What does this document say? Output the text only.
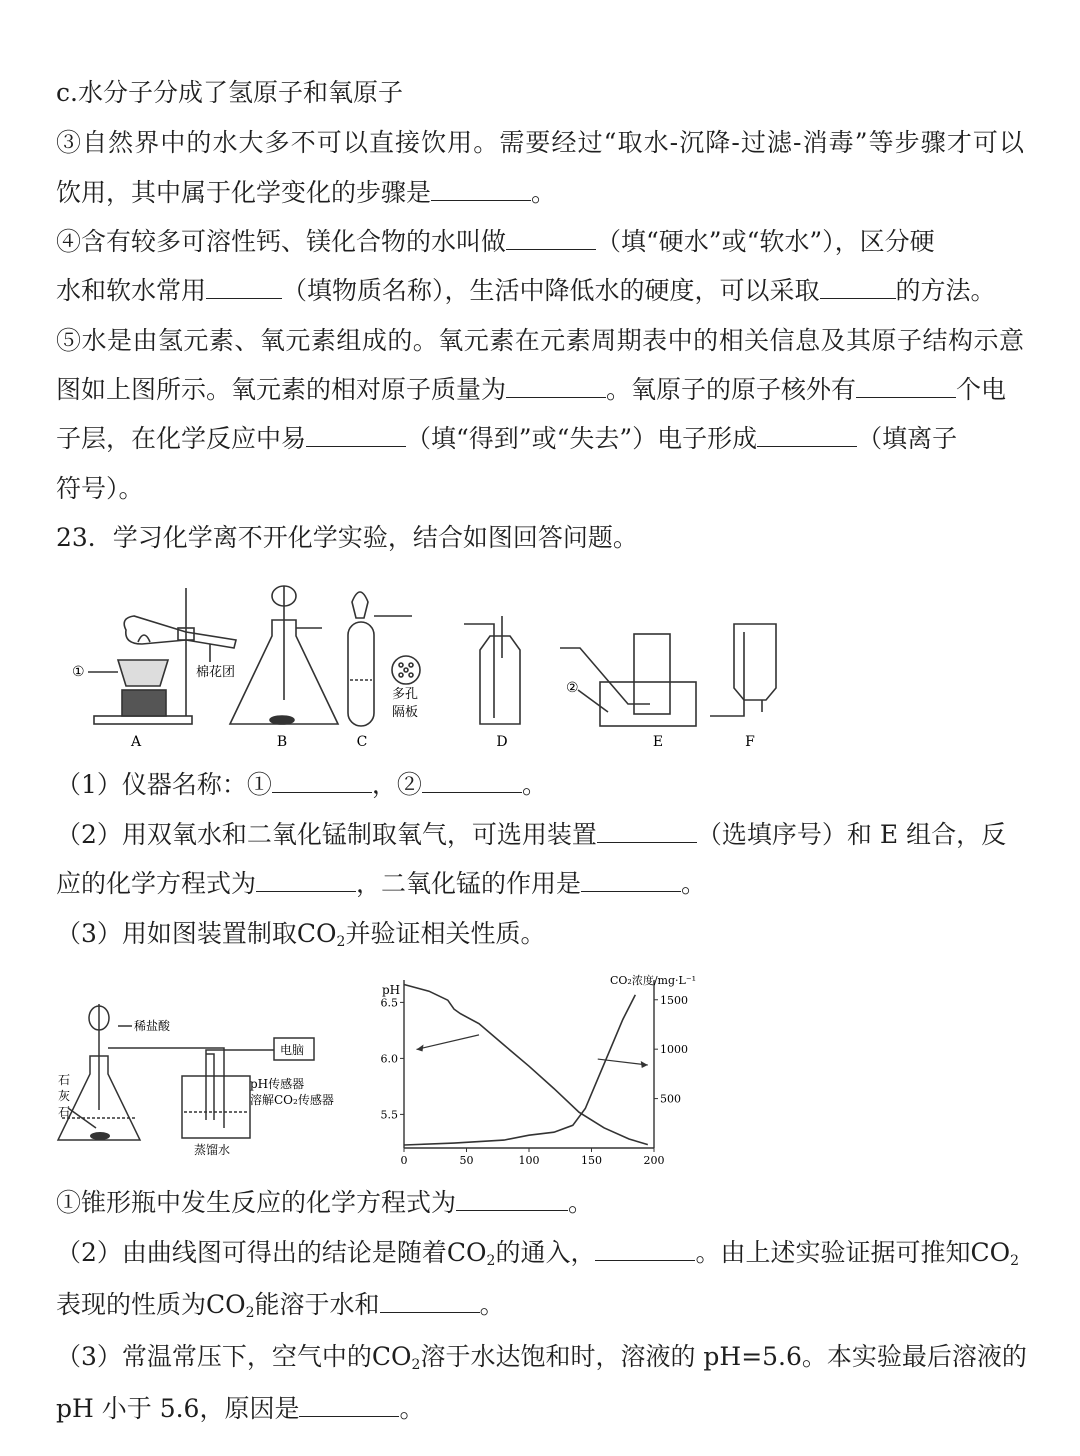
c.水分子分成了氢原子和氧原子
③自然界中的水大多不可以直接饮用。需要经过“取水-沉降-过滤-消毒”等步骤才可以
饮用，其中属于化学变化的步骤是	。
④含有较多可溶性钙、镁化合物的水叫做	（填“硬水”或“软水”），区分硬
水和软水常用	（填物质名称），生活中降低水的硬度，可以采取	的方法。
⑤水是由氢元素、氧元素组成的。氧元素在元素周期表中的相关信息及其原子结构示意
图如上图所示。氧元素的相对原子质量为	。氧原子的原子核外有	个电
子层，在化学反应中易	（填“得到”或“失去”）电子形成	（填离子
符号）。
23．学习化学离不开化学实验，结合如图回答问题。
①	棉花团
多孔
隔板
②
A	B	C	D	E	F
（1）仪器名称：①	，②	。
（2）用双氧水和二氧化锰制取氧气，可选用装置	（选填序号）和 E 组合，反
应的化学方程式为	，二氧化锰的作用是	。
（3）用如图装置制取$CO_2$并验证相关性质。
稀盐酸
电脑
石
灰
石
pH传感器
溶解CO₂传感器
蒸馏水
pH
CO₂浓度/mg·L⁻¹
0	50	100	150	200
6.5
6.0
5.5
1500
1000
500
①锥形瓶中发生反应的化学方程式为	。
（2）由曲线图可得出的结论是随着$CO_2$的通入，	。由上述实验证据可推知$CO_2$
表现的性质为$CO_2$能溶于水和	。
（3）常温常压下，空气中的$CO_2$溶于水达饱和时，溶液的 pH=5.6。本实验最后溶液的
pH 小于 5.6，原因是	。
